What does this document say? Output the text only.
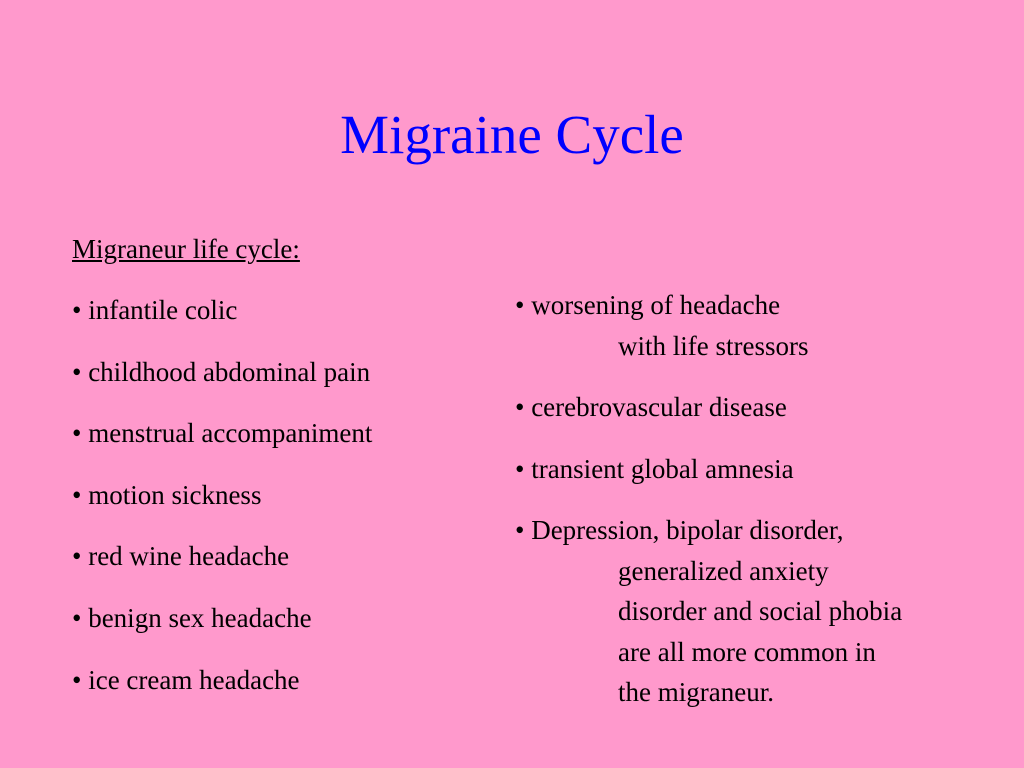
Migraine Cycle
Migraneur life cycle:
• infantile colic
• childhood abdominal pain
• menstrual accompaniment
• motion sickness
• red wine headache
• benign sex headache
• ice cream headache
• worsening of headache
with life stressors
• cerebrovascular disease
• transient global amnesia
• Depression, bipolar disorder,
generalized anxiety
disorder and social phobia
are all more common in
the migraneur.
